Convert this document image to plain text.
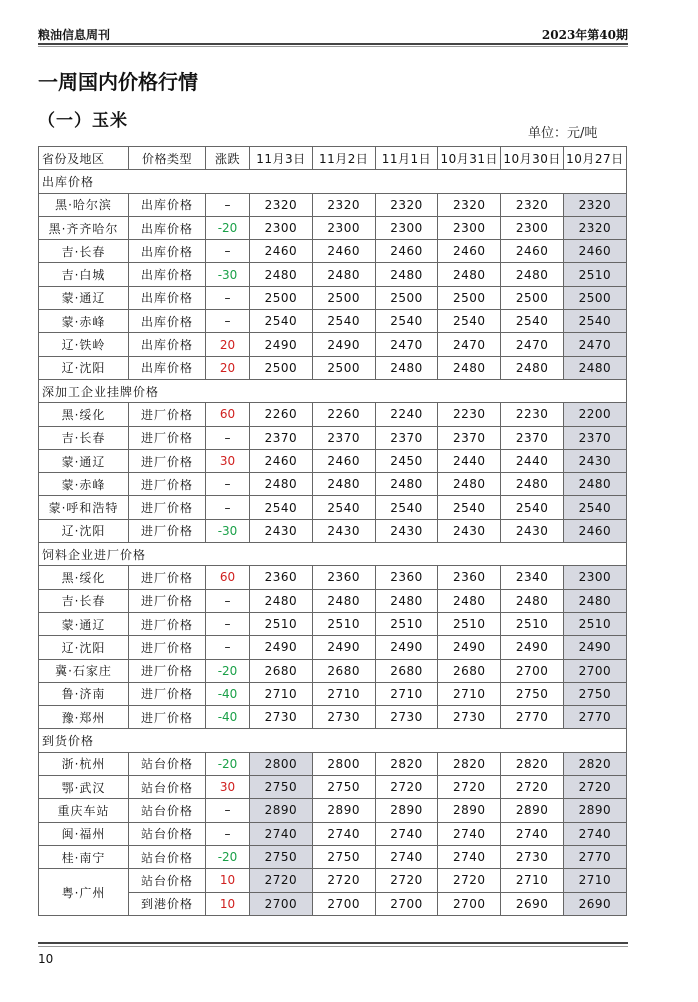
粮油信息周刊	2023年第40期
一周国内价格行情
（一）玉米
单位：元/吨
省份及地区	价格类型	涨跌	11月3日	11月2日	11月1日	10月31日	10月30日	10月27日
出库价格								
黑·哈尔滨	出库价格	–	2320	2320	2320	2320	2320	2320
黑·齐齐哈尔	出库价格	-20	2300	2300	2300	2300	2300	2320
吉·长春	出库价格	–	2460	2460	2460	2460	2460	2460
吉·白城	出库价格	-30	2480	2480	2480	2480	2480	2510
蒙·通辽	出库价格	–	2500	2500	2500	2500	2500	2500
蒙·赤峰	出库价格	–	2540	2540	2540	2540	2540	2540
辽·铁岭	出库价格	20	2490	2490	2470	2470	2470	2470
辽·沈阳	出库价格	20	2500	2500	2480	2480	2480	2480
深加工企业挂牌价格								
黑·绥化	进厂价格	60	2260	2260	2240	2230	2230	2200
吉·长春	进厂价格	–	2370	2370	2370	2370	2370	2370
蒙·通辽	进厂价格	30	2460	2460	2450	2440	2440	2430
蒙·赤峰	进厂价格	–	2480	2480	2480	2480	2480	2480
蒙·呼和浩特	进厂价格	–	2540	2540	2540	2540	2540	2540
辽·沈阳	进厂价格	-30	2430	2430	2430	2430	2430	2460
饲料企业进厂价格								
黑·绥化	进厂价格	60	2360	2360	2360	2360	2340	2300
吉·长春	进厂价格	–	2480	2480	2480	2480	2480	2480
蒙·通辽	进厂价格	–	2510	2510	2510	2510	2510	2510
辽·沈阳	进厂价格	–	2490	2490	2490	2490	2490	2490
冀·石家庄	进厂价格	-20	2680	2680	2680	2680	2700	2700
鲁·济南	进厂价格	-40	2710	2710	2710	2710	2750	2750
豫·郑州	进厂价格	-40	2730	2730	2730	2730	2770	2770
到货价格								
浙·杭州	站台价格	-20	2800	2800	2820	2820	2820	2820
鄂·武汉	站台价格	30	2750	2750	2720	2720	2720	2720
重庆车站	站台价格	–	2890	2890	2890	2890	2890	2890
闽·福州	站台价格	–	2740	2740	2740	2740	2740	2740
桂·南宁	站台价格	-20	2750	2750	2740	2740	2730	2770
粤·广州	站台价格	10	2720	2720	2720	2720	2710	2710
	到港价格	10	2700	2700	2700	2700	2690	2690
10
